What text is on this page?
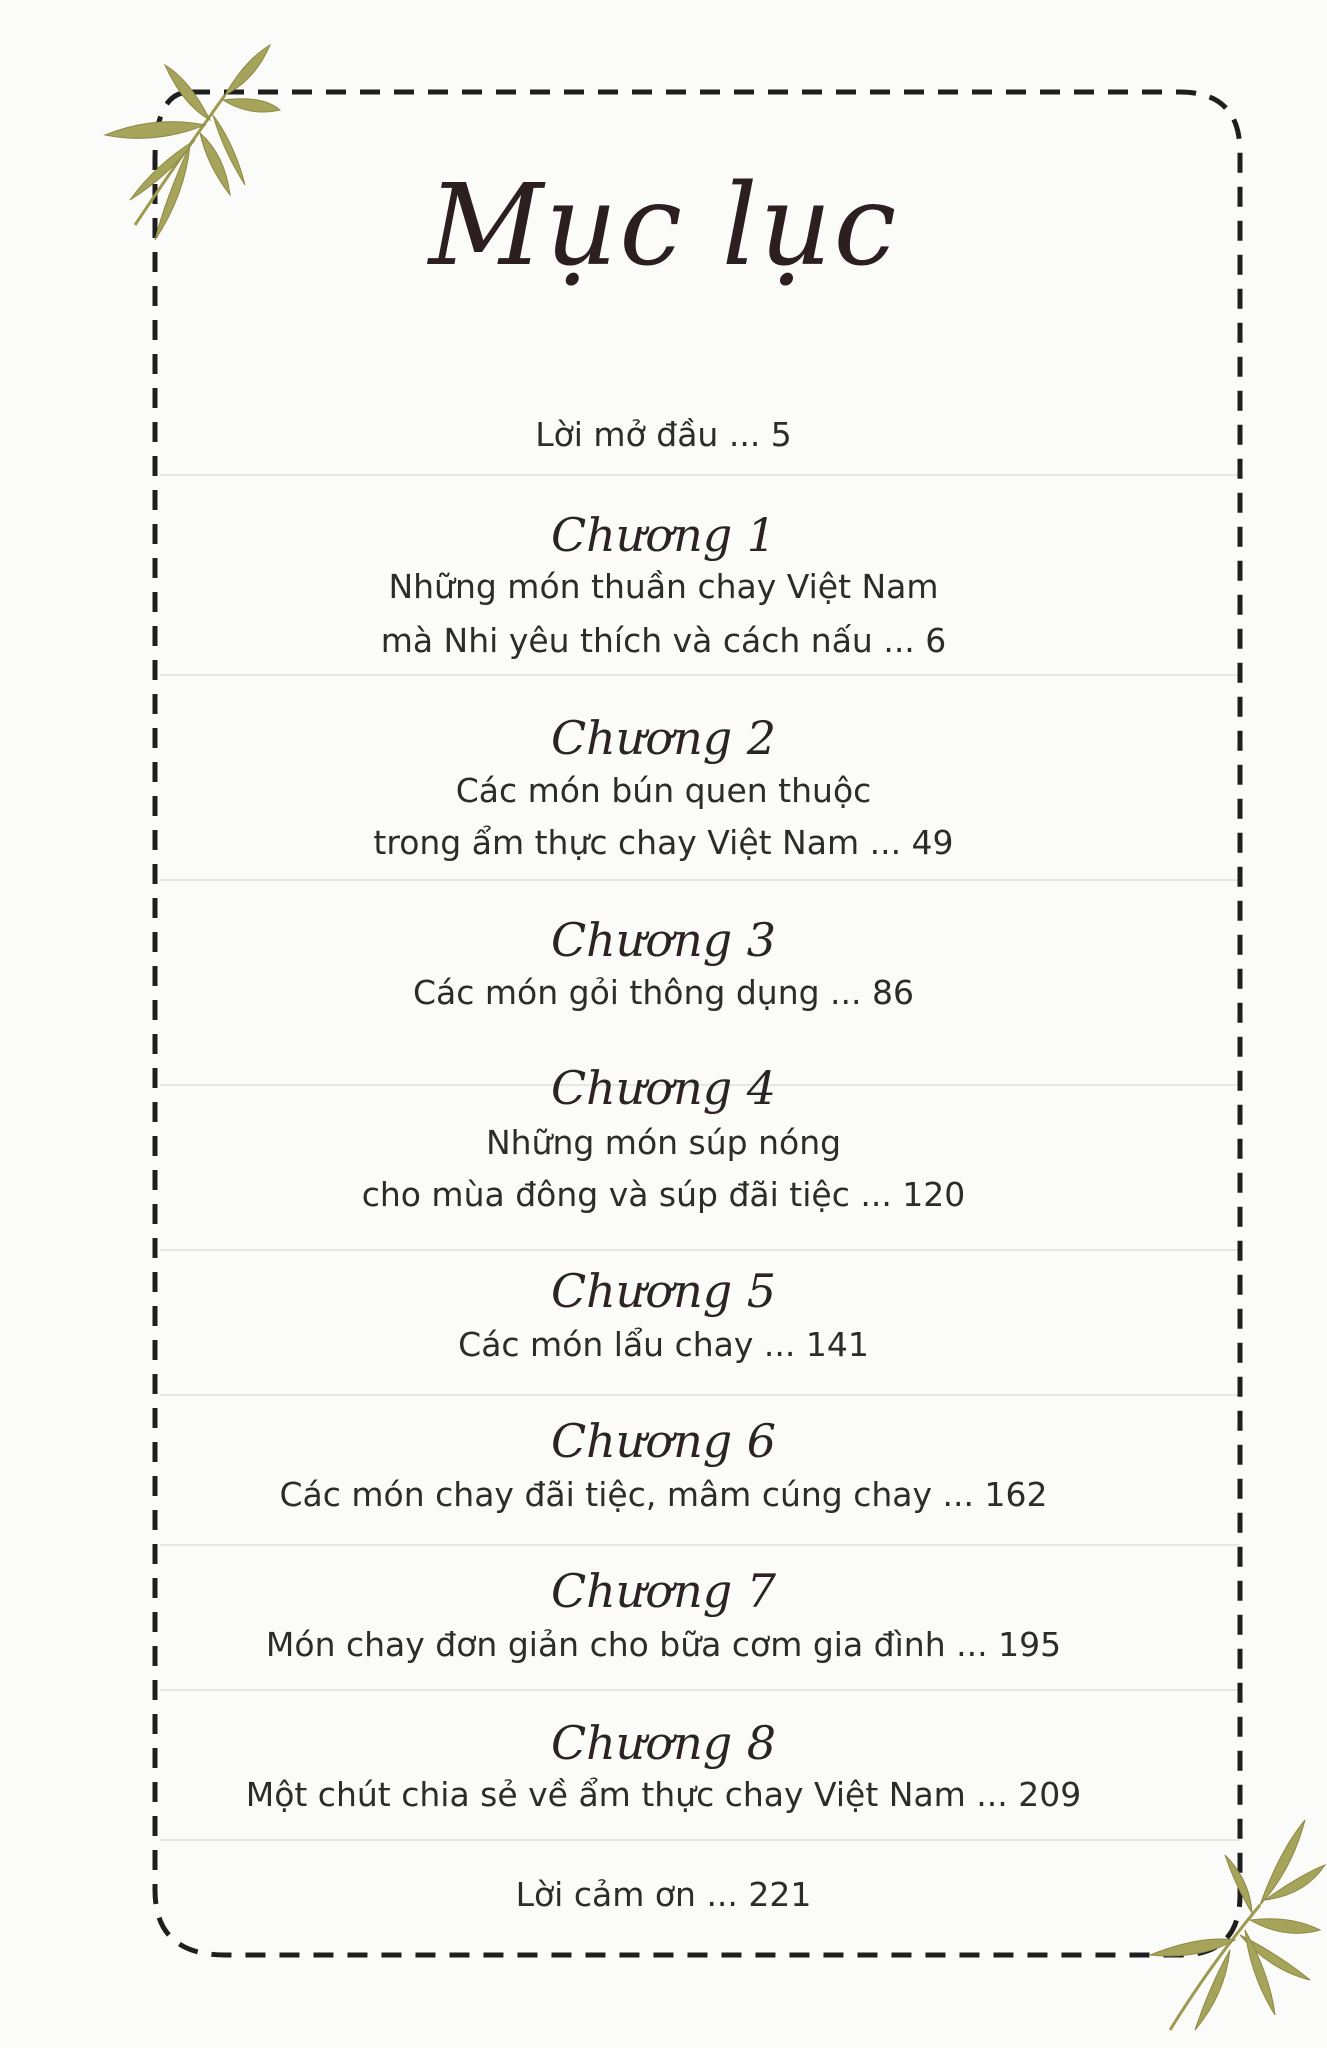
Mục lục
Lời mở đầu ... 5
Chương 1
Những món thuần chay Việt Nam
mà Nhi yêu thích và cách nấu ... 6
Chương 2
Các món bún quen thuộc
trong ẩm thực chay Việt Nam ... 49
Chương 3
Các món gỏi thông dụng ... 86
Chương 4
Những món súp nóng
cho mùa đông và súp đãi tiệc ... 120
Chương 5
Các món lẩu chay ... 141
Chương 6
Các món chay đãi tiệc, mâm cúng chay ... 162
Chương 7
Món chay đơn giản cho bữa cơm gia đình ... 195
Chương 8
Một chút chia sẻ về ẩm thực chay Việt Nam ... 209
Lời cảm ơn ... 221
